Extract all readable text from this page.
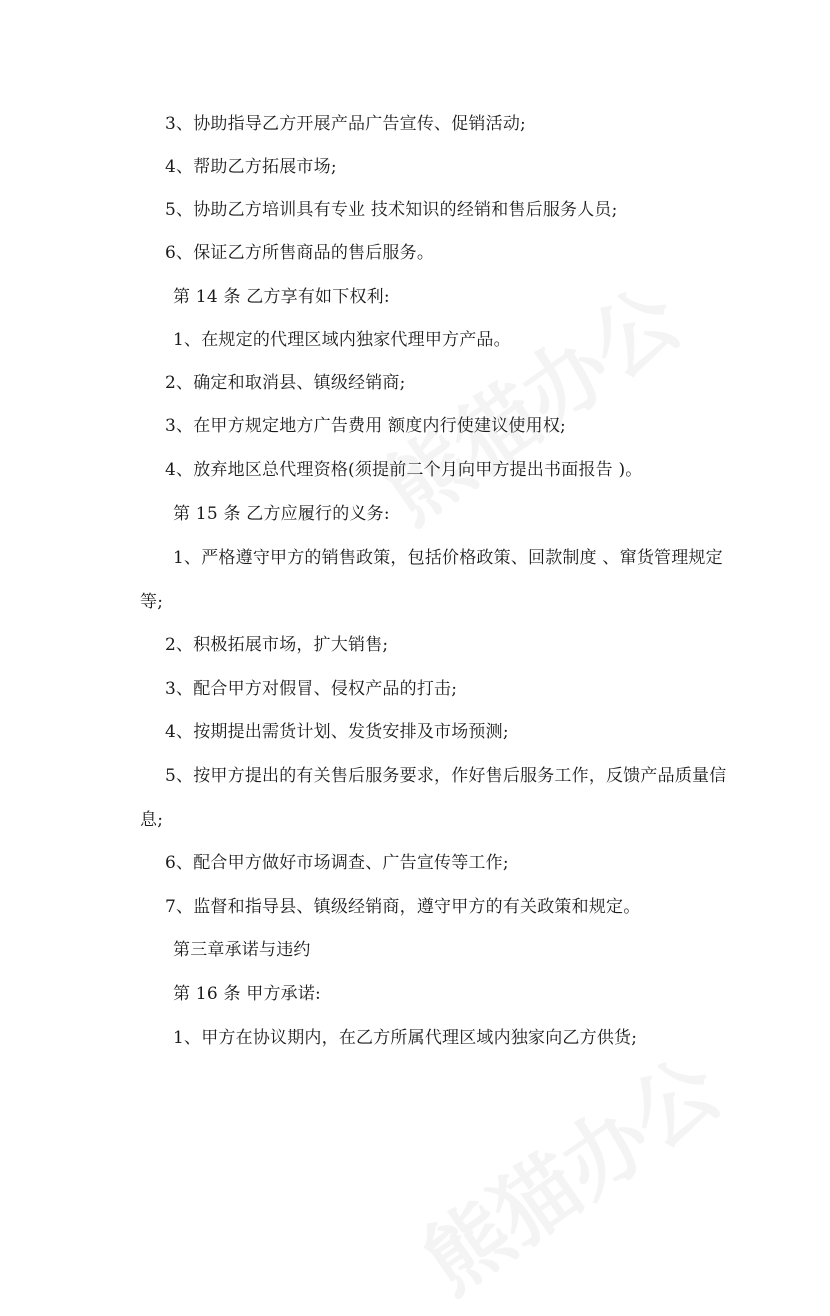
3、协助指导乙方开展产品广告宣传、促销活动;
4、帮助乙方拓展市场;
5、协助乙方培训具有专业 技术知识的经销和售后服务人员;
6、保证乙方所售商品的售后服务。
第 14 条 乙方享有如下权利:
1、在规定的代理区域内独家代理甲方产品。
2、确定和取消县、镇级经销商;
3、在甲方规定地方广告费用 额度内行使建议使用权;
4、放弃地区总代理资格(须提前二个月向甲方提出书面报告 )。
第 15 条 乙方应履行的义务:
1、严格遵守甲方的销售政策，包括价格政策、回款制度 、窜货管理规定
等;
2、积极拓展市场，扩大销售;
3、配合甲方对假冒、侵权产品的打击;
4、按期提出需货计划、发货安排及市场预测;
5、按甲方提出的有关售后服务要求，作好售后服务工作，反馈产品质量信
息;
6、配合甲方做好市场调查、广告宣传等工作;
7、监督和指导县、镇级经销商，遵守甲方的有关政策和规定。
第三章承诺与违约
第 16 条 甲方承诺:
1、甲方在协议期内，在乙方所属代理区域内独家向乙方供货;
